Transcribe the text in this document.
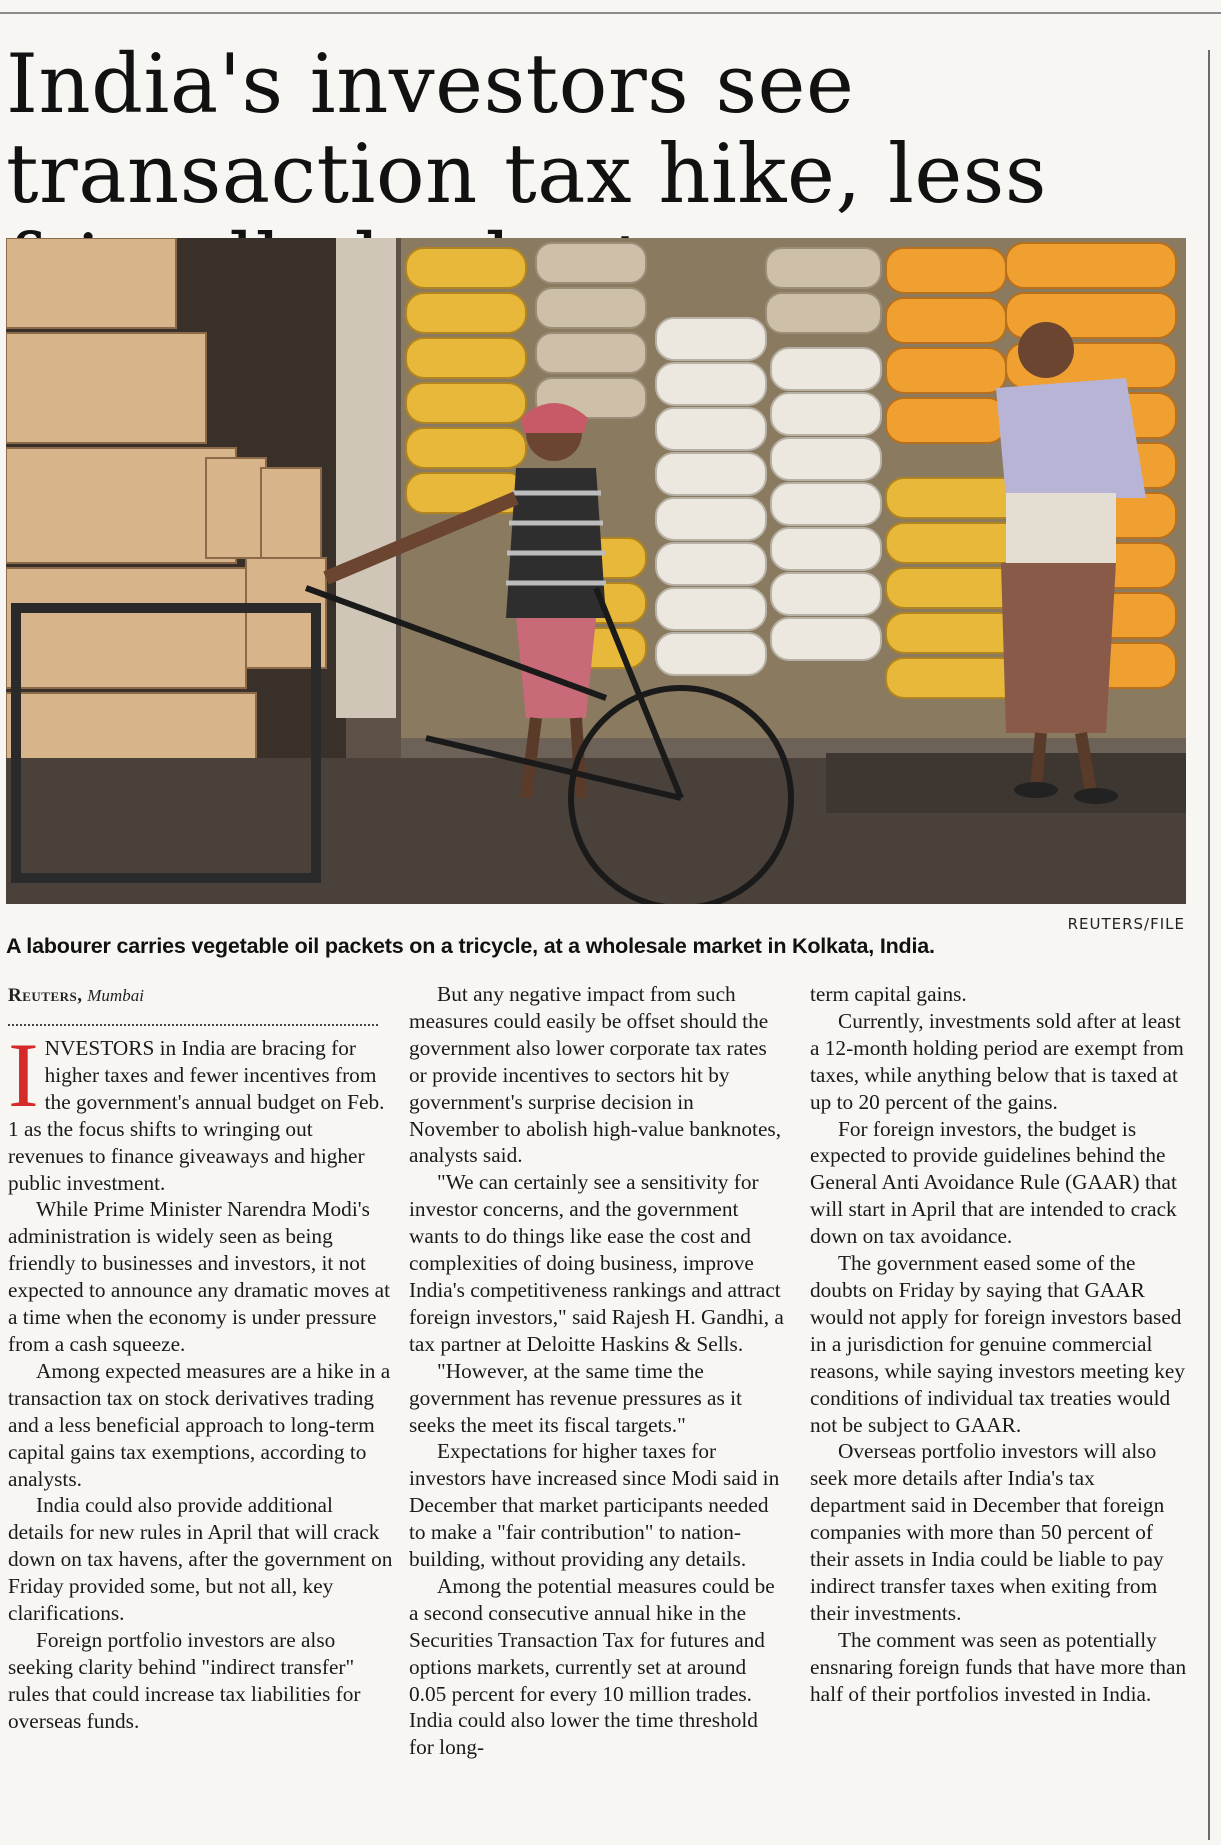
India's investors see transaction tax hike, less
REUTERS/FILE

A labourer carries vegetable oil packets on a tricycle, at a wholesale market in Kolkata, India.

Reuters, Mumbai

INVESTORS in India are bracing for higher taxes and fewer incentives from the government's annual budget on Feb. 1 as the focus shifts to wringing out revenues to finance giveaways and higher public investment.

While Prime Minister Narendra Modi's administration is widely seen as being friendly to businesses and investors, it not expected to announce any dramatic moves at a time when the economy is under pressure from a cash squeeze.

Among expected measures are a hike in a transaction tax on stock derivatives trading and a less beneficial approach to long-term capital gains tax exemptions, according to analysts.

India could also provide additional details for new rules in April that will crack down on tax havens, after the government on Friday provided some, but not all, key clarifications.

Foreign portfolio investors are also seeking clarity behind "indirect transfer" rules that could increase tax liabilities for overseas funds.

But any negative impact from such measures could easily be offset should the government also lower corporate tax rates or provide incentives to sectors hit by government's surprise decision in November to abolish high-value banknotes, analysts said.

"We can certainly see a sensitivity for investor concerns, and the government wants to do things like ease the cost and complexities of doing business, improve India's competitiveness rankings and attract foreign investors," said Rajesh H. Gandhi, a tax partner at Deloitte Haskins & Sells.

"However, at the same time the government has revenue pressures as it seeks the meet its fiscal targets."

Expectations for higher taxes for investors have increased since Modi said in December that market participants needed to make a "fair contribution" to nation-building, without providing any details.

Among the potential measures could be a second consecutive annual hike in the Securities Transaction Tax for futures and options markets, currently set at around 0.05 percent for every 10 million trades. India could also lower the time threshold for long-

term capital gains.

Currently, investments sold after at least a 12-month holding period are exempt from taxes, while anything below that is taxed at up to 20 percent of the gains.

For foreign investors, the budget is expected to provide guidelines behind the General Anti Avoidance Rule (GAAR) that will start in April that are intended to crack down on tax avoidance.

The government eased some of the doubts on Friday by saying that GAAR would not apply for foreign investors based in a jurisdiction for genuine commercial reasons, while saying investors meeting key conditions of individual tax treaties would not be subject to GAAR.

Overseas portfolio investors will also seek more details after India's tax department said in December that foreign companies with more than 50 percent of their assets in India could be liable to pay indirect transfer taxes when exiting from their investments.

The comment was seen as potentially ensnaring foreign funds that have more than half of their portfolios invested in India.
